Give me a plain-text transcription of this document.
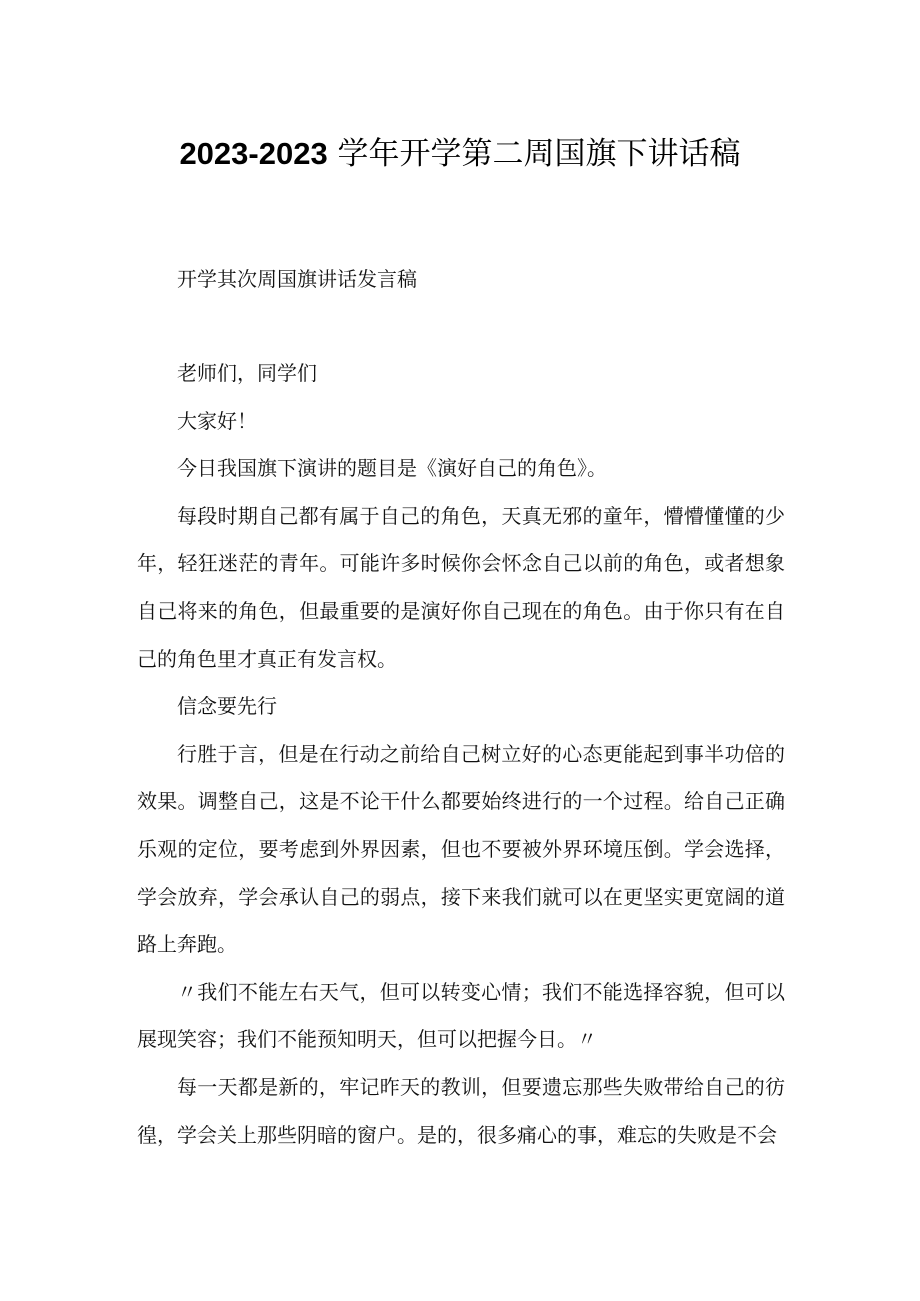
2023-2023 学年开学第二周国旗下讲话稿

开学其次周国旗讲话发言稿

老师们，同学们
大家好！
今日我国旗下演讲的题目是《演好自己的角色》。
每段时期自己都有属于自己的角色，天真无邪的童年，懵懵懂懂的少年，轻狂迷茫的青年。可能许多时候你会怀念自己以前的角色，或者想象自己将来的角色，但最重要的是演好你自己现在的角色。由于你只有在自己的角色里才真正有发言权。
信念要先行
行胜于言，但是在行动之前给自己树立好的心态更能起到事半功倍的效果。调整自己，这是不论干什么都要始终进行的一个过程。给自己正确乐观的定位，要考虑到外界因素，但也不要被外界环境压倒。学会选择，学会放弃，学会承认自己的弱点，接下来我们就可以在更坚实更宽阔的道路上奔跑。
〃我们不能左右天气，但可以转变心情；我们不能选择容貌，但可以展现笑容；我们不能预知明天，但可以把握今日。〃
每一天都是新的，牢记昨天的教训，但要遗忘那些失败带给自己的彷徨，学会关上那些阴暗的窗户。是的，很多痛心的事，难忘的失败是不会
